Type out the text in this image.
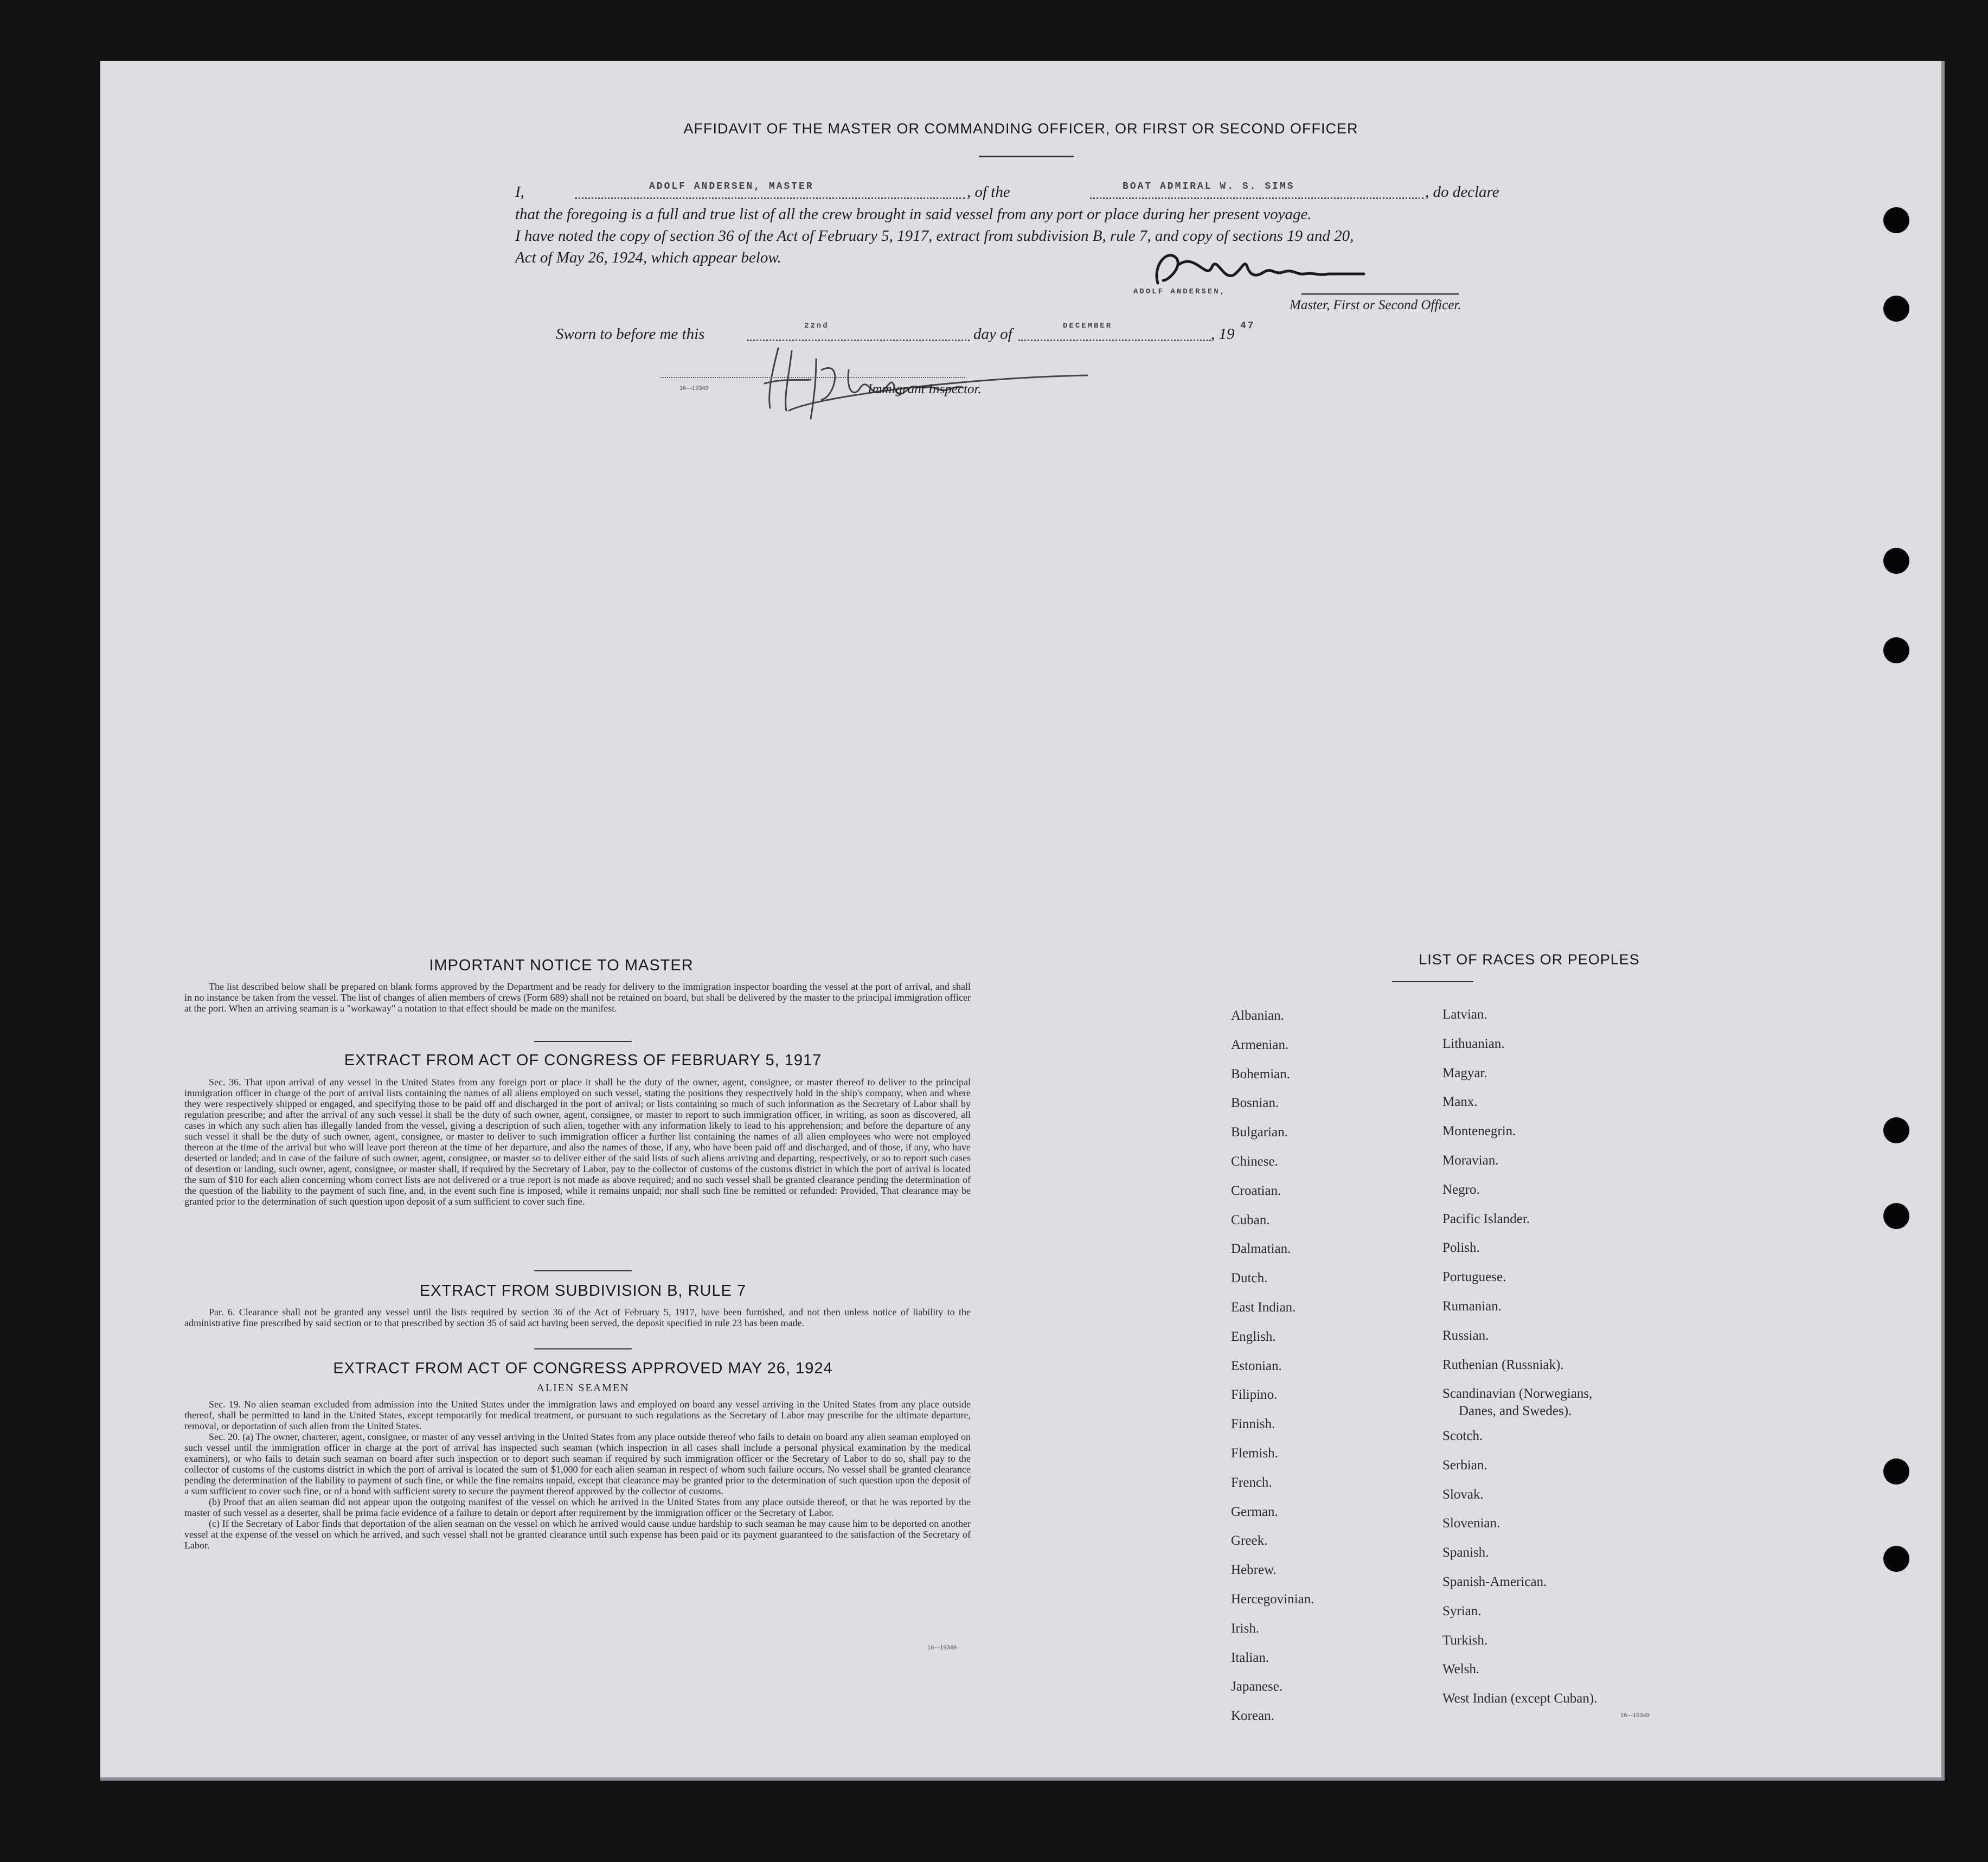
AFFIDAVIT OF THE MASTER OR COMMANDING OFFICER, OR FIRST OR SECOND OFFICER
I,	ADOLF ANDERSEN, MASTER	, of the	BOAT ADMIRAL W. S. SIMS	, do declare
that the foregoing is a full and true list of all the crew brought in said vessel from any port or place during her present voyage.
I have noted the copy of section 36 of the Act of February 5, 1917, extract from subdivision B, rule 7, and copy of sections 19 and 20,
Act of May 26, 1924, which appear below.
ADOLF ANDERSEN,
Master, First or Second Officer.
Sworn to before me this	22nd	day of	DECEMBER	, 19 47
16—19349	Immigrant Inspector.
IMPORTANT NOTICE TO MASTER
The list described below shall be prepared on blank forms approved by the Department and be ready for delivery to the immigration inspector boarding the vessel at the port of arrival, and shall in no instance be taken from the vessel. The list of changes of alien members of crews (Form 689) shall not be retained on board, but shall be delivered by the master to the principal immigration officer at the port. When an arriving seaman is a "workaway" a notation to that effect should be made on the manifest.
EXTRACT FROM ACT OF CONGRESS OF FEBRUARY 5, 1917
Sec. 36. That upon arrival of any vessel in the United States from any foreign port or place it shall be the duty of the owner, agent, consignee, or master thereof to deliver to the principal immigration officer in charge of the port of arrival lists containing the names of all aliens employed on such vessel, stating the positions they respectively hold in the ship's company, when and where they were respectively shipped or engaged, and specifying those to be paid off and discharged in the port of arrival; or lists containing so much of such information as the Secretary of Labor shall by regulation prescribe; and after the arrival of any such vessel it shall be the duty of such owner, agent, consignee, or master to report to such immigration officer, in writing, as soon as discovered, all cases in which any such alien has illegally landed from the vessel, giving a description of such alien, together with any information likely to lead to his apprehension; and before the departure of any such vessel it shall be the duty of such owner, agent, consignee, or master to deliver to such immigration officer a further list containing the names of all alien employees who were not employed thereon at the time of the arrival but who will leave port thereon at the time of her departure, and also the names of those, if any, who have been paid off and discharged, and of those, if any, who have deserted or landed; and in case of the failure of such owner, agent, consignee, or master so to deliver either of the said lists of such aliens arriving and departing, respectively, or so to report such cases of desertion or landing, such owner, agent, consignee, or master shall, if required by the Secretary of Labor, pay to the collector of customs of the customs district in which the port of arrival is located the sum of $10 for each alien concerning whom correct lists are not delivered or a true report is not made as above required; and no such vessel shall be granted clearance pending the determination of the question of the liability to the payment of such fine, and, in the event such fine is imposed, while it remains unpaid; nor shall such fine be remitted or refunded: Provided, That clearance may be granted prior to the determination of such question upon deposit of a sum sufficient to cover such fine.
EXTRACT FROM SUBDIVISION B, RULE 7
Par. 6. Clearance shall not be granted any vessel until the lists required by section 36 of the Act of February 5, 1917, have been furnished, and not then unless notice of liability to the administrative fine prescribed by said section or to that prescribed by section 35 of said act having been served, the deposit specified in rule 23 has been made.
EXTRACT FROM ACT OF CONGRESS APPROVED MAY 26, 1924
ALIEN SEAMEN
Sec. 19. No alien seaman excluded from admission into the United States under the immigration laws and employed on board any vessel arriving in the United States from any place outside thereof, shall be permitted to land in the United States, except temporarily for medical treatment, or pursuant to such regulations as the Secretary of Labor may prescribe for the ultimate departure, removal, or deportation of such alien from the United States.
Sec. 20. (a) The owner, charterer, agent, consignee, or master of any vessel arriving in the United States from any place outside thereof who fails to detain on board any alien seaman employed on such vessel until the immigration officer in charge at the port of arrival has inspected such seaman (which inspection in all cases shall include a personal physical examination by the medical examiners), or who fails to detain such seaman on board after such inspection or to deport such seaman if required by such immigration officer or the Secretary of Labor to do so, shall pay to the collector of customs of the customs district in which the port of arrival is located the sum of $1,000 for each alien seaman in respect of whom such failure occurs. No vessel shall be granted clearance pending the determination of the liability to payment of such fine, or while the fine remains unpaid, except that clearance may be granted prior to the determination of such question upon the deposit of a sum sufficient to cover such fine, or of a bond with sufficient surety to secure the payment thereof approved by the collector of customs.
(b) Proof that an alien seaman did not appear upon the outgoing manifest of the vessel on which he arrived in the United States from any place outside thereof, or that he was reported by the master of such vessel as a deserter, shall be prima facie evidence of a failure to detain or deport after requirement by the immigration officer or the Secretary of Labor.
(c) If the Secretary of Labor finds that deportation of the alien seaman on the vessel on which he arrived would cause undue hardship to such seaman he may cause him to be deported on another vessel at the expense of the vessel on which he arrived, and such vessel shall not be granted clearance until such expense has been paid or its payment guaranteed to the satisfaction of the Secretary of Labor.
16—19349
LIST OF RACES OR PEOPLES
Albanian.
Armenian.
Bohemian.
Bosnian.
Bulgarian.
Chinese.
Croatian.
Cuban.
Dalmatian.
Dutch.
East Indian.
English.
Estonian.
Filipino.
Finnish.
Flemish.
French.
German.
Greek.
Hebrew.
Hercegovinian.
Irish.
Italian.
Japanese.
Korean.
Latvian.
Lithuanian.
Magyar.
Manx.
Montenegrin.
Moravian.
Negro.
Pacific Islander.
Polish.
Portuguese.
Rumanian.
Russian.
Ruthenian (Russniak).
Scandinavian (Norwegians,
Danes, and Swedes).
Scotch.
Serbian.
Slovak.
Slovenian.
Spanish.
Spanish-American.
Syrian.
Turkish.
Welsh.
West Indian (except Cuban).
16—19349
